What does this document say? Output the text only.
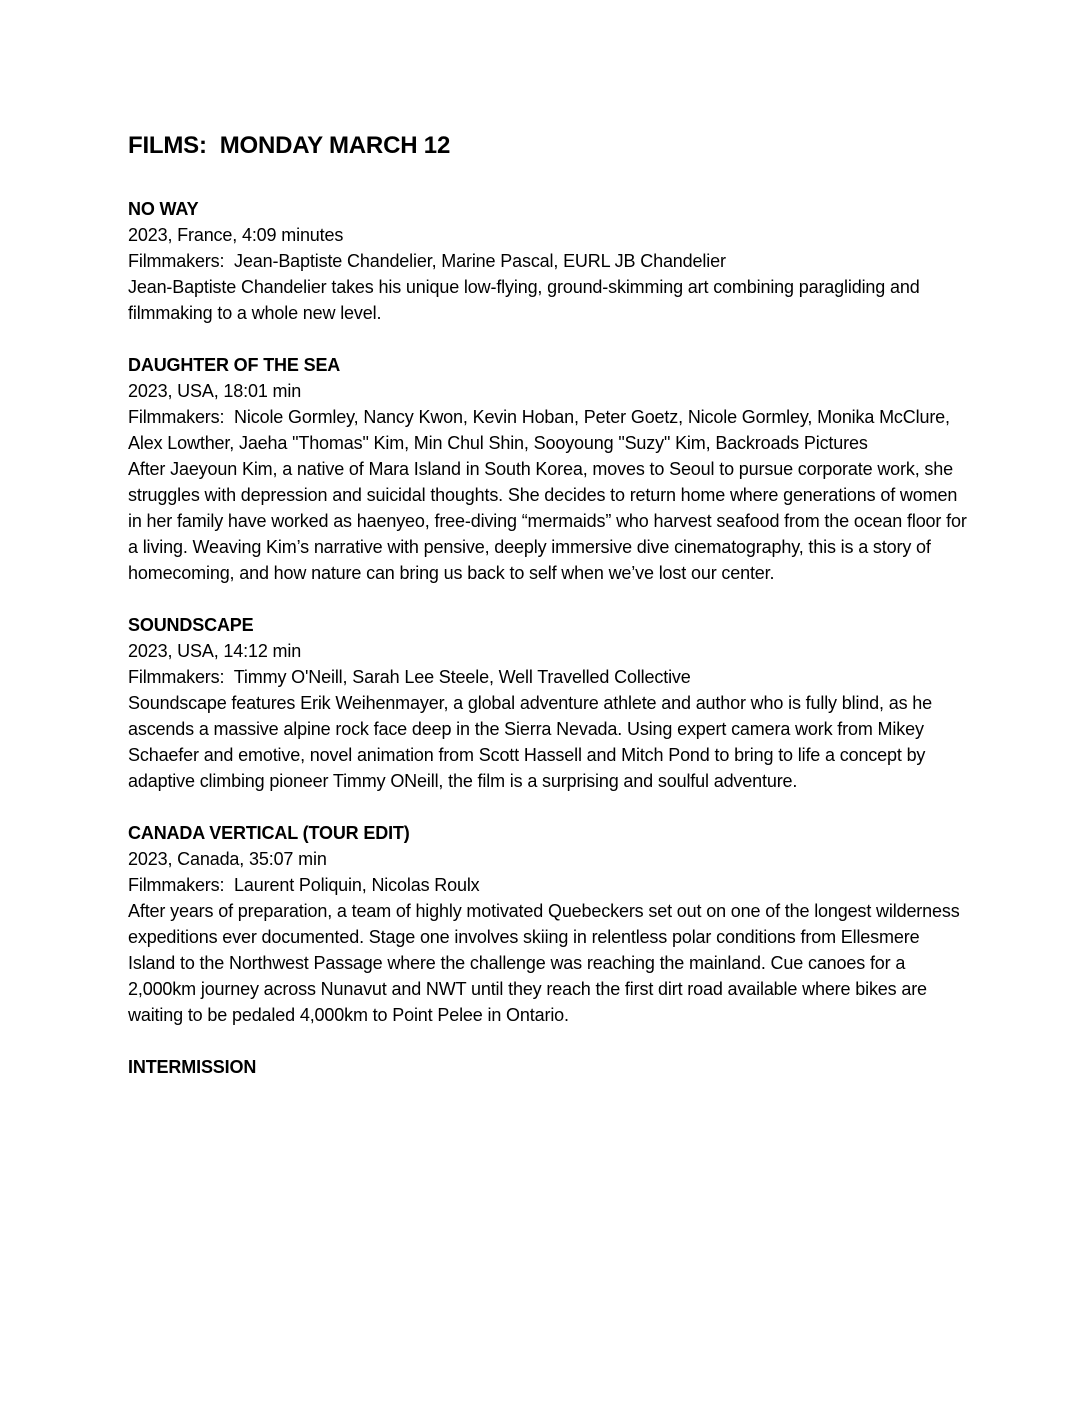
FILMS:  MONDAY MARCH 12
NO WAY

2023, France, 4:09 minutes

Filmmakers:  Jean-Baptiste Chandelier, Marine Pascal, EURL JB Chandelier

Jean-Baptiste Chandelier takes his unique low-flying, ground-skimming art combining paragliding and filmmaking to a whole new level.

DAUGHTER OF THE SEA

2023, USA, 18:01 min

Filmmakers:  Nicole Gormley, Nancy Kwon, Kevin Hoban, Peter Goetz, Nicole Gormley, Monika McClure, Alex Lowther, Jaeha "Thomas" Kim, Min Chul Shin, Sooyoung "Suzy" Kim, Backroads Pictures

After Jaeyoun Kim, a native of Mara Island in South Korea, moves to Seoul to pursue corporate work, she struggles with depression and suicidal thoughts. She decides to return home where generations of women in her family have worked as haenyeo, free-diving “mermaids” who harvest seafood from the ocean floor for a living. Weaving Kim’s narrative with pensive, deeply immersive dive cinematography, this is a story of homecoming, and how nature can bring us back to self when we’ve lost our center.

SOUNDSCAPE

2023, USA, 14:12 min

Filmmakers:  Timmy O'Neill, Sarah Lee Steele, Well Travelled Collective

Soundscape features Erik Weihenmayer, a global adventure athlete and author who is fully blind, as he ascends a massive alpine rock face deep in the Sierra Nevada. Using expert camera work from Mikey Schaefer and emotive, novel animation from Scott Hassell and Mitch Pond to bring to life a concept by adaptive climbing pioneer Timmy ONeill, the film is a surprising and soulful adventure.

CANADA VERTICAL (TOUR EDIT)

2023, Canada, 35:07 min

Filmmakers:  Laurent Poliquin, Nicolas Roulx

After years of preparation, a team of highly motivated Quebeckers set out on one of the longest wilderness expeditions ever documented. Stage one involves skiing in relentless polar conditions from Ellesmere Island to the Northwest Passage where the challenge was reaching the mainland. Cue canoes for a 2,000km journey across Nunavut and NWT until they reach the first dirt road available where bikes are waiting to be pedaled 4,000km to Point Pelee in Ontario.

INTERMISSION
